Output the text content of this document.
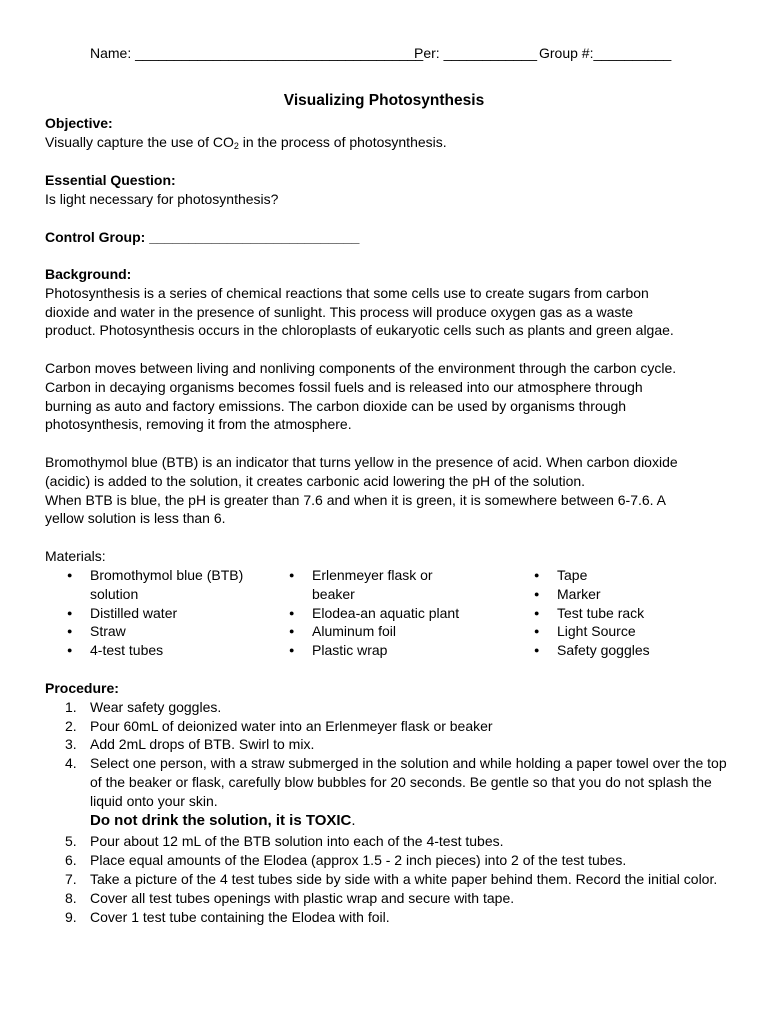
Name: _____________________________________
Per: ____________ Group #:__________
Visualizing Photosynthesis

Objective:

Visually capture the use of $CO_2$ in the process of photosynthesis.

Essential Question:

Is light necessary for photosynthesis?

Control Group: ___________________________

Background:

Photosynthesis is a series of chemical reactions that some cells use to create sugars from carbon
dioxide and water in the presence of sunlight. This process will produce oxygen gas as a waste
product. Photosynthesis occurs in the chloroplasts of eukaryotic cells such as plants and green algae.

Carbon moves between living and nonliving components of the environment through the carbon cycle.
Carbon in decaying organisms becomes fossil fuels and is released into our atmosphere through
burning as auto and factory emissions. The carbon dioxide can be used by organisms through
photosynthesis, removing it from the atmosphere.

Bromothymol blue (BTB) is an indicator that turns yellow in the presence of acid. When carbon dioxide
(acidic) is added to the solution, it creates carbonic acid lowering the pH of the solution.
When BTB is blue, the pH is greater than 7.6 and when it is green, it is somewhere between 6-7.6. A
yellow solution is less than 6.

Materials:
● Bromothymol blue (BTB)
solution
● Distilled water
● Straw
● 4-test tubes
● Erlenmeyer flask or
beaker
● Elodea-an aquatic plant
● Aluminum foil
● Plastic wrap
● Tape
● Marker
● Test tube rack
● Light Source
● Safety goggles

Procedure:

1. Wear safety goggles.
2. Pour 60mL of deionized water into an Erlenmeyer flask or beaker
3. Add 2mL drops of BTB. Swirl to mix.
4. Select one person, with a straw submerged in the solution and while holding a paper towel over the top
of the beaker or flask, carefully blow bubbles for 20 seconds. Be gentle so that you do not splash the
liquid onto your skin.

Do not drink the solution, it is TOXIC.

5. Pour about 12 mL of the BTB solution into each of the 4-test tubes.
6. Place equal amounts of the Elodea (approx 1.5 - 2 inch pieces) into 2 of the test tubes.
7. Take a picture of the 4 test tubes side by side with a white paper behind them. Record the initial color.
8. Cover all test tubes openings with plastic wrap and secure with tape.
9. Cover 1 test tube containing the Elodea with foil.
